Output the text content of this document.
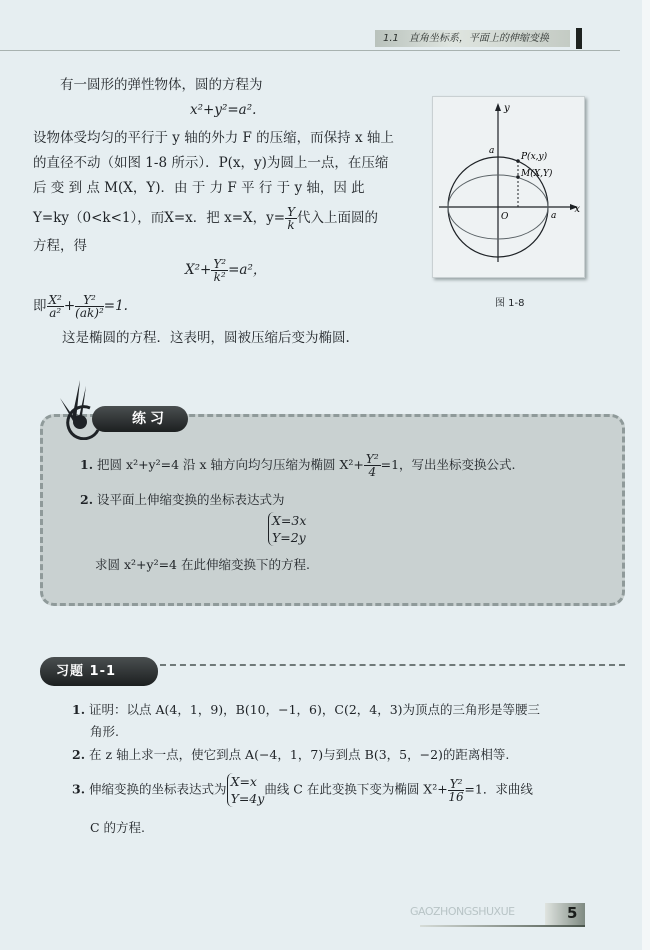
1.1　直角坐标系，平面上的伸缩变换
有一圆形的弹性物体，圆的方程为
x²+y²=a².
设物体受均匀的平行于 y 轴的外力 F 的压缩，而保持 x 轴上
的直径不动（如图 1-8 所示）．P(x，y)为圆上一点，在压缩
后 变 到 点 M(X，Y)．由 于 力 F 平 行 于 y 轴，因 此
Y=ky（0<k<1），而X=x．把 x=X，$y= \frac{Y}{k}$ 代入上面圆的
方程，得
$X^2+ \frac{\text{Y²}}{\text{k²}} =a^2$，
即 $\frac{\text{X²}}{\text{a²}} + \frac{\text{Y²}}{\text{(ak)²}} =1$.
这是椭圆的方程．这表明，圆被压缩后变为椭圆.
y
x
a
a
O
P(x,y)
M(X,Y)
图 1-8
练习
1. 把圆 x²+y²=4 沿 x 轴方向均匀压缩为椭圆 $X^2+ \frac{\text{Y²}}{4} =1$，写出坐标变换公式.
2. 设平面上伸缩变换的坐标表达式为
X=3x
Y=2y
求圆 x²+y²=4 在此伸缩变换下的方程.
习题 1-1
1. 证明：以点 A(4，1，9)，B(10，−1，6)，C(2，4，3)为顶点的三角形是等腰三
角形.
2. 在 z 轴上求一点，使它到点 A(−4，1，7)与到点 B(3，5，−2)的距离相等.
3. 伸缩变换的坐标表达式为 X=x
Y=4y曲线 C 在此变换下变为椭圆 $X^2+ \frac{\text{Y²}}{16} =1$．求曲线
C 的方程.
GAOZHONGSHUXUE	5
